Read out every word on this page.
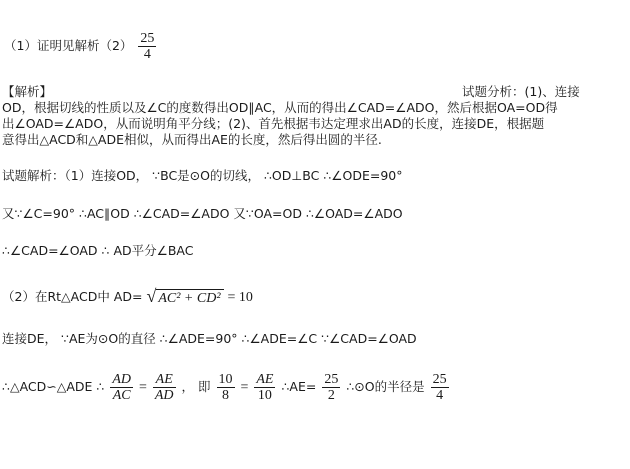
（1）证明见解析$(2) \frac{25}{4}$
【解析】	试题分析：(1)、连接
OD，根据切线的性质以及∠C的度数得出OD∥AC，从而的得出∠CAD=∠ADO，然后根据OA=OD得
出∠OAD=∠ADO，从而说明角平分线；(2)、首先根据韦达定理求出AD的长度，连接DE，根据题
意得出△ACD和△ADE相似，从而得出AE的长度，然后得出圆的半径.
试题解析：（1）连接OD， ∵BC是⊙O的切线， ∴OD⊥BC ∴∠ODE=90°
又∵∠C=90° ∴AC∥OD ∴∠CAD=∠ADO 又∵OA=OD ∴∠OAD=∠ADO
∴∠CAD=∠OAD ∴ AD平分∠BAC
（2）在Rt△ACD中 AD= √ AC² + CD² = 10
连接DE， ∵AE为⊙O的直径 ∴∠ADE=90° ∴∠ADE=∠C ∵∠CAD=∠OAD
∴△ACD∽△ADE ∴ $\frac{AD}{AC} = \frac{AE}{AD}$ ， 即 $\frac{10}{8} = \frac{AE}{10}$ ∴AE= $\frac{25}{2}$ ∴⊙O的半径是 $\frac{25}{4}$
